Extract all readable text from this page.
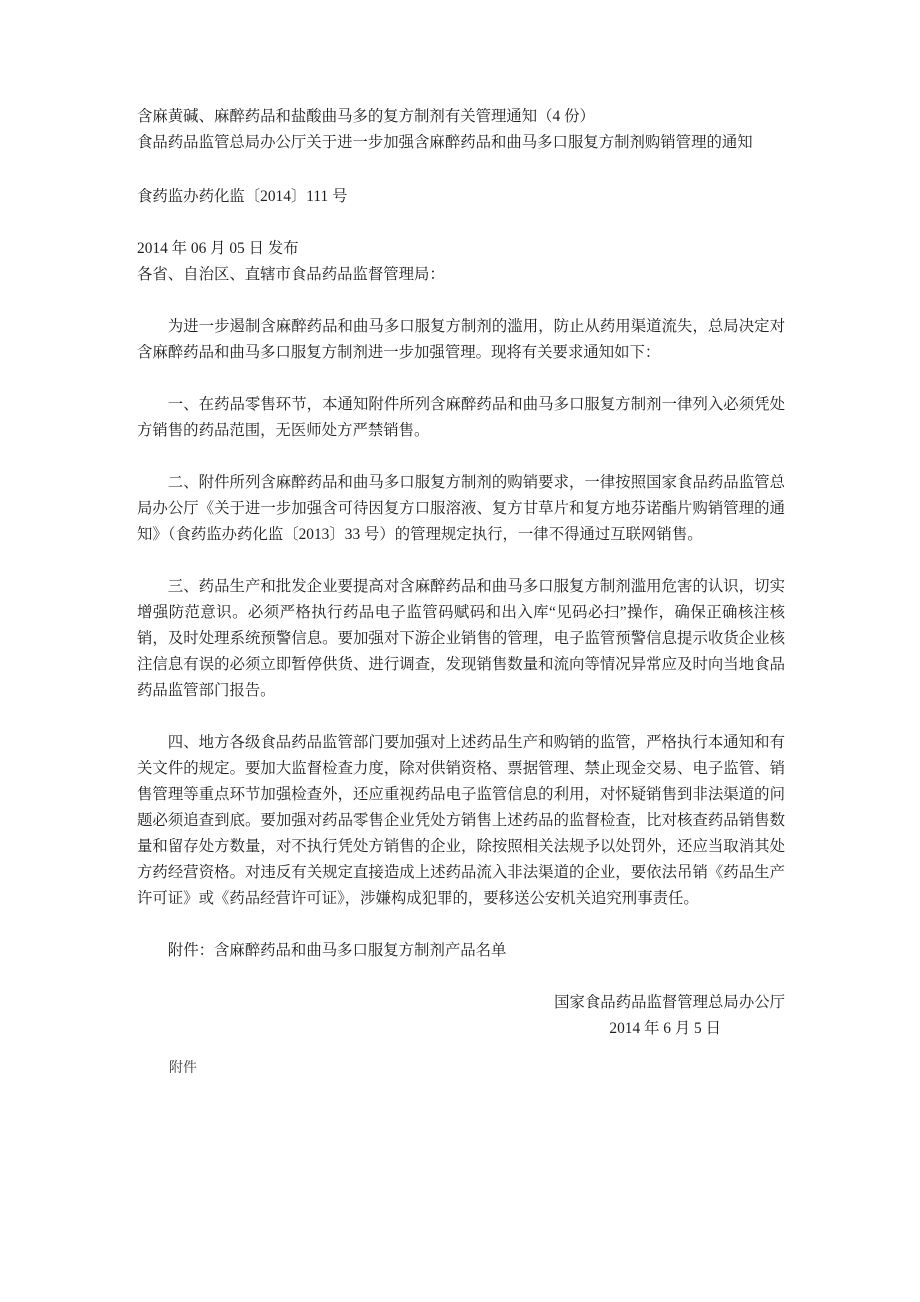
含麻黄碱、麻醉药品和盐酸曲马多的复方制剂有关管理通知（4 份）
食品药品监管总局办公厅关于进一步加强含麻醉药品和曲马多口服复方制剂购销管理的通知
食药监办药化监〔2014〕111 号
2014 年 06 月 05 日 发布
各省、自治区、直辖市食品药品监督管理局：

为进一步遏制含麻醉药品和曲马多口服复方制剂的滥用，防止从药用渠道流失，总局决定对含麻醉药品和曲马多口服复方制剂进一步加强管理。现将有关要求通知如下：

一、在药品零售环节，本通知附件所列含麻醉药品和曲马多口服复方制剂一律列入必须凭处方销售的药品范围，无医师处方严禁销售。

二、附件所列含麻醉药品和曲马多口服复方制剂的购销要求，一律按照国家食品药品监管总局办公厅《关于进一步加强含可待因复方口服溶液、复方甘草片和复方地芬诺酯片购销管理的通知》（食药监办药化监〔2013〕33 号）的管理规定执行，一律不得通过互联网销售。

三、药品生产和批发企业要提高对含麻醉药品和曲马多口服复方制剂滥用危害的认识，切实增强防范意识。必须严格执行药品电子监管码赋码和出入库“见码必扫”操作，确保正确核注核销，及时处理系统预警信息。要加强对下游企业销售的管理，电子监管预警信息提示收货企业核注信息有误的必须立即暂停供货、进行调查，发现销售数量和流向等情况异常应及时向当地食品药品监管部门报告。

四、地方各级食品药品监管部门要加强对上述药品生产和购销的监管，严格执行本通知和有关文件的规定。要加大监督检查力度，除对供销资格、票据管理、禁止现金交易、电子监管、销售管理等重点环节加强检查外，还应重视药品电子监管信息的利用，对怀疑销售到非法渠道的问题必须追查到底。要加强对药品零售企业凭处方销售上述药品的监督检查，比对核查药品销售数量和留存处方数量，对不执行凭处方销售的企业，除按照相关法规予以处罚外，还应当取消其处方药经营资格。对违反有关规定直接造成上述药品流入非法渠道的企业，要依法吊销《药品生产许可证》或《药品经营许可证》，涉嫌构成犯罪的，要移送公安机关追究刑事责任。

附件：含麻醉药品和曲马多口服复方制剂产品名单
国家食品药品监督管理总局办公厅
2014 年 6 月 5 日
附件
